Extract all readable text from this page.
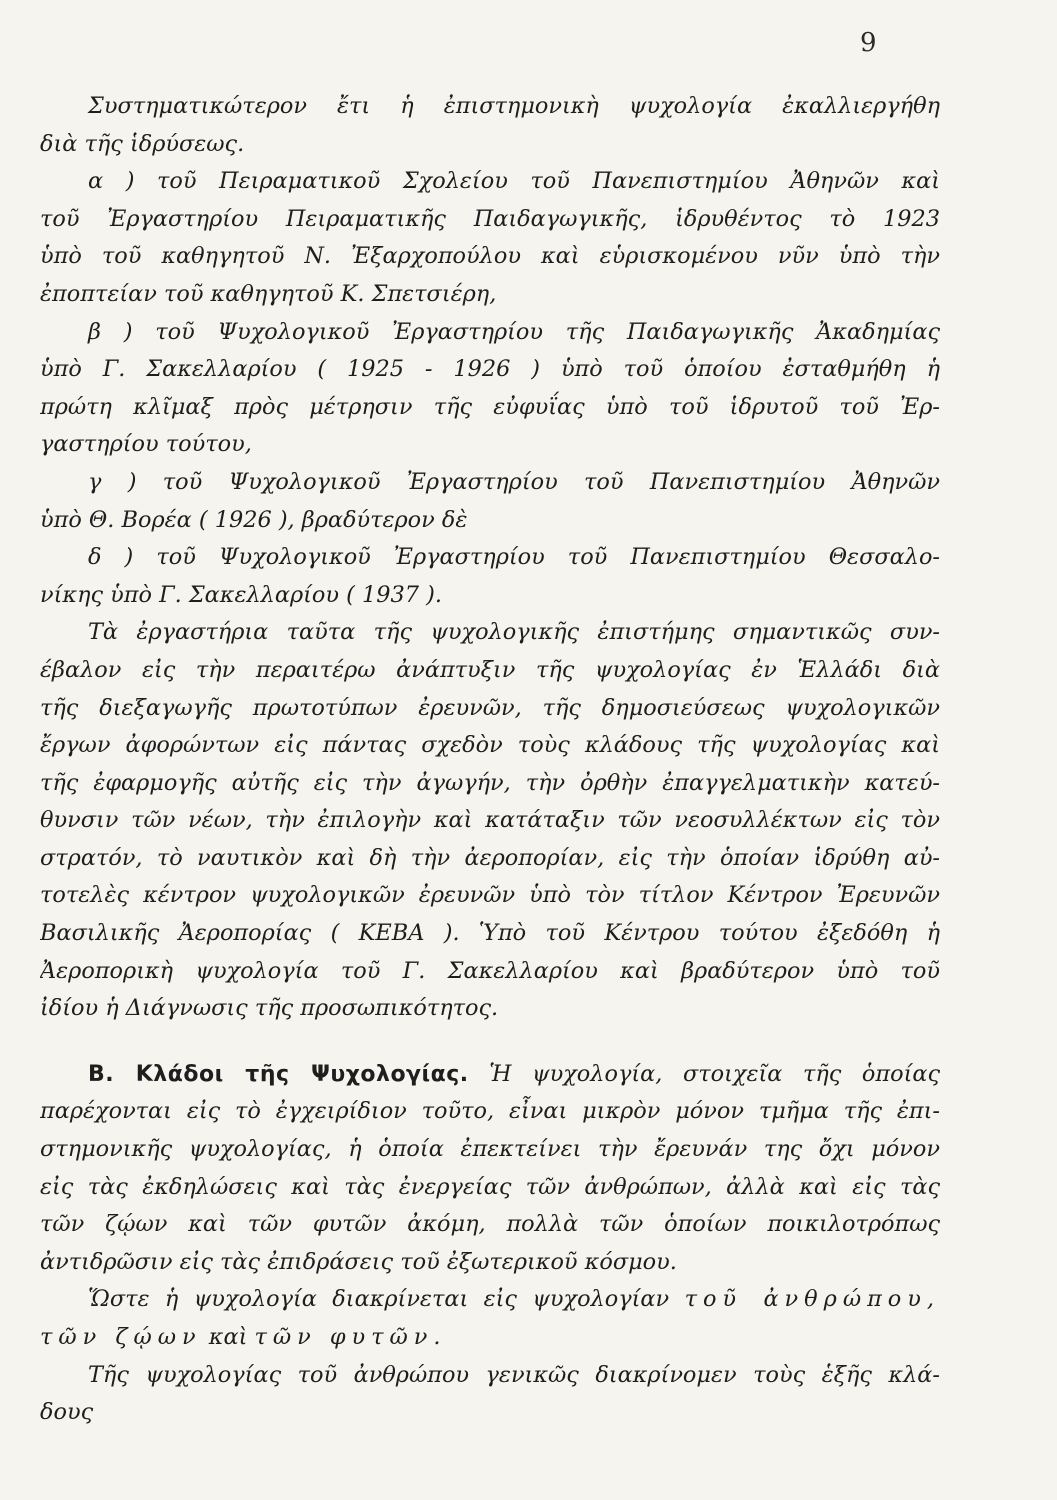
9
Συστηματικώτερον ἔτι ἡ ἐπιστημονικὴ ψυχολογία ἐκαλλιεργήθη
διὰ τῆς ἱδρύσεως.
α ) τοῦ Πειραματικοῦ Σχολείου τοῦ Πανεπιστημίου Ἀθηνῶν καὶ
τοῦ Ἐργαστηρίου Πειραματικῆς Παιδαγωγικῆς, ἱδρυθέντος τὸ 1923
ὑπὸ τοῦ καθηγητοῦ Ν. Ἐξαρχοπούλου καὶ εὑρισκομένου νῦν ὑπὸ τὴν
ἐποπτείαν τοῦ καθηγητοῦ Κ. Σπετσιέρη,
β ) τοῦ Ψυχολογικοῦ Ἐργαστηρίου τῆς Παιδαγωγικῆς Ἀκαδημίας
ὑπὸ Γ. Σακελλαρίου ( 1925 - 1926 ) ὑπὸ τοῦ ὁποίου ἐσταθμήθη ἡ
πρώτη κλῖμαξ πρὸς μέτρησιν τῆς εὐφυΐας ὑπὸ τοῦ ἱδρυτοῦ τοῦ Ἐρ-
γαστηρίου τούτου,
γ ) τοῦ Ψυχολογικοῦ Ἐργαστηρίου τοῦ Πανεπιστημίου Ἀθηνῶν
ὑπὸ Θ. Βορέα ( 1926 ), βραδύτερον δὲ
δ ) τοῦ Ψυχολογικοῦ Ἐργαστηρίου τοῦ Πανεπιστημίου Θεσσαλο-
νίκης ὑπὸ Γ. Σακελλαρίου ( 1937 ).
Τὰ ἐργαστήρια ταῦτα τῆς ψυχολογικῆς ἐπιστήμης σημαντικῶς συν-
έβαλον εἰς τὴν περαιτέρω ἀνάπτυξιν τῆς ψυχολογίας ἐν Ἑλλάδι διὰ
τῆς διεξαγωγῆς πρωτοτύπων ἐρευνῶν, τῆς δημοσιεύσεως ψυχολογικῶν
ἔργων ἀφορώντων εἰς πάντας σχεδὸν τοὺς κλάδους τῆς ψυχολογίας καὶ
τῆς ἐφαρμογῆς αὐτῆς εἰς τὴν ἀγωγήν, τὴν ὀρθὴν ἐπαγγελματικὴν κατεύ-
θυνσιν τῶν νέων, τὴν ἐπιλογὴν καὶ κατάταξιν τῶν νεοσυλλέκτων εἰς τὸν
στρατόν, τὸ ναυτικὸν καὶ δὴ τὴν ἀεροπορίαν, εἰς τὴν ὁποίαν ἱδρύθη αὐ-
τοτελὲς κέντρον ψυχολογικῶν ἐρευνῶν ὑπὸ τὸν τίτλον Κέντρον Ἐρευνῶν
Βασιλικῆς Ἀεροπορίας ( ΚΕΒΑ ). Ὑπὸ τοῦ Κέντρου τούτου ἐξεδόθη ἡ
Ἀεροπορικὴ ψυχολογία τοῦ Γ. Σακελλαρίου καὶ βραδύτερον ὑπὸ τοῦ
ἰδίου ἡ Διάγνωσις τῆς προσωπικότητος.
Β. Κλάδοι τῆς Ψυχολογίας. Ἡ ψυχολογία, στοιχεῖα τῆς ὁποίας
παρέχονται εἰς τὸ ἐγχειρίδιον τοῦτο, εἶναι μικρὸν μόνον τμῆμα τῆς ἐπι-
στημονικῆς ψυχολογίας, ἡ ὁποία ἐπεκτείνει τὴν ἔρευνάν της ὄχι μόνον
εἰς τὰς ἐκδηλώσεις καὶ τὰς ἐνεργείας τῶν ἀνθρώπων, ἀλλὰ καὶ εἰς τὰς
τῶν ζῴων καὶ τῶν φυτῶν ἀκόμη, πολλὰ τῶν ὁποίων ποικιλοτρόπως
ἀντιδρῶσιν εἰς τὰς ἐπιδράσεις τοῦ ἐξωτερικοῦ κόσμου.
Ὥστε ἡ ψυχολογία διακρίνεται εἰς ψυχολογίαν τοῦ ἀνθρώπου,
τῶν ζῴων καὶ τῶν φυτῶν.
Τῆς ψυχολογίας τοῦ ἀνθρώπου γενικῶς διακρίνομεν τοὺς ἑξῆς κλά-
δους
